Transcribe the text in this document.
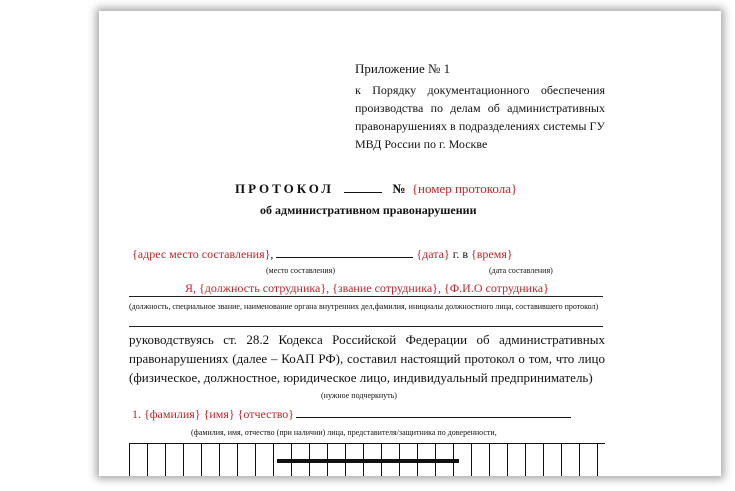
Приложение № 1
к Порядку документационного обеспечения производства по делам об административных правонарушениях в подразделениях системы ГУ МВД России по г. Москве
ПРОТОКОЛ	№ {номер протокола}
об административном правонарушении
{адрес место составления},	{дата} г. в {время}
(место составления)	(дата составления)
Я, {должность сотрудника}, {звание сотрудника}, {Ф.И.О сотрудника}
(должность, специальное звание, наименование органа внутренних дел,фамилия, инициалы должностного лица, составившего протокол)
руководствуясь ст. 28.2 Кодекса Российской Федерации об административных правонарушениях (далее – КоАП РФ), составил настоящий протокол о том, что лицо (физическое, должностное, юридическое лицо, индивидуальный предприниматель)
(нужное подчеркнуть)
1. {фамилия} {имя} {отчество}
(фамилия, имя, отчество (при наличии) лица, представителя/защитника по доверенности,
